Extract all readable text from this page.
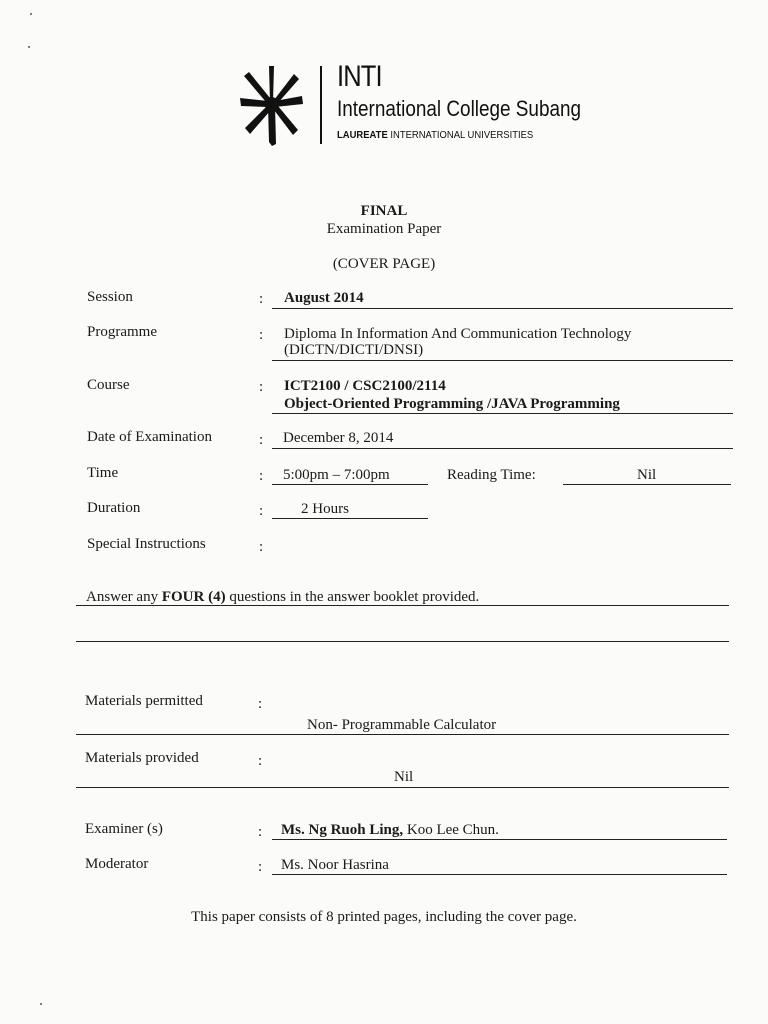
INTI
International College Subang
LAUREATE INTERNATIONAL UNIVERSITIES
FINAL
Examination Paper
(COVER PAGE)
Session	: August 2014
Programme	: Diploma In Information And Communication Technology
(DICTN/DICTI/DNSI)
Course	: ICT2100 / CSC2100/2114
Object-Oriented Programming /JAVA Programming
Date of Examination	: December 8, 2014
Time	: 5:00pm – 7:00pm	Reading Time:	Nil
Duration	:	2 Hours
Special Instructions	:
Answer any FOUR (4) questions in the answer booklet provided.
Materials permitted	:
Non- Programmable Calculator
Materials provided	:
Nil
Examiner (s)	: Ms. Ng Ruoh Ling, Koo Lee Chun.
Moderator	: Ms. Noor Hasrina
This paper consists of 8 printed pages, including the cover page.
